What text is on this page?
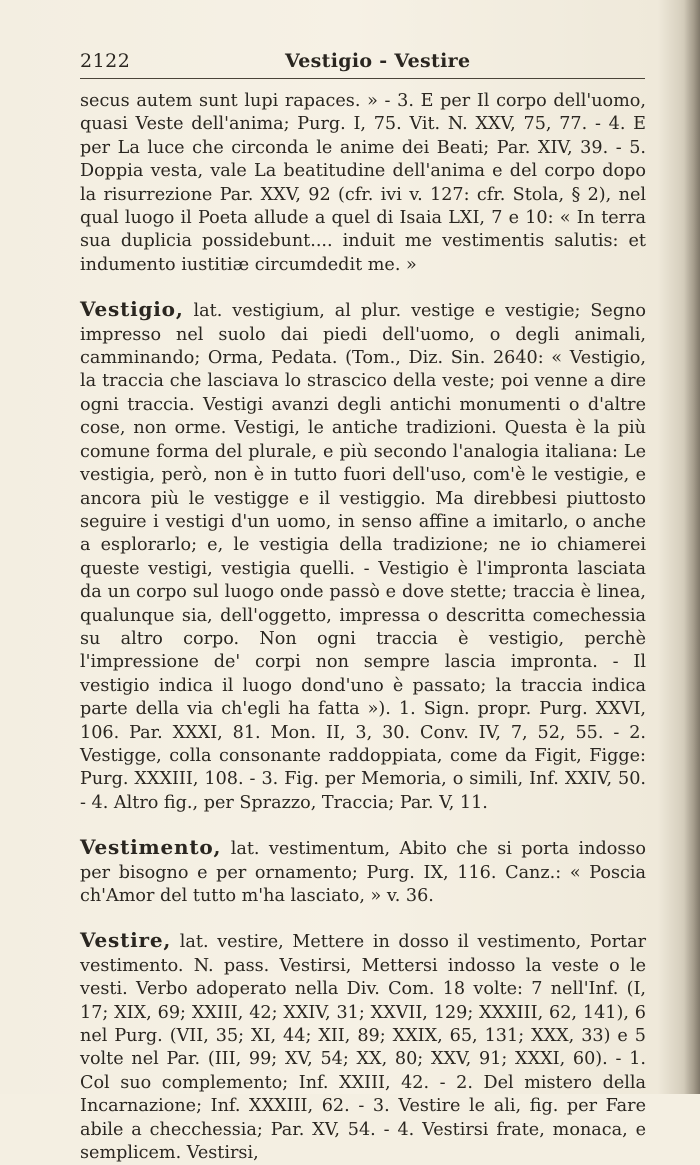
2122	Vestigio - Vestire

secus autem sunt lupi rapaces. » - 3. E per Il corpo dell'uomo, quasi Veste dell'anima; Purg. I, 75. Vit. N. XXV, 75, 77. - 4. E per La luce che circonda le anime dei Beati; Par. XIV, 39. - 5. Doppia vesta, vale La beatitudine dell'anima e del corpo dopo la risurrezione Par. XXV, 92 (cfr. ivi v. 127: cfr. Stola, § 2), nel qual luogo il Poeta allude a quel di Isaia LXI, 7 e 10: « In terra sua duplicia possidebunt.... induit me vestimentis salutis: et indumento iustitiæ circumdedit me. »

Vestigio, lat. vestigium, al plur. vestige e vestigie; Segno impresso nel suolo dai piedi dell'uomo, o degli animali, camminando; Orma, Pedata. (Tom., Diz. Sin. 2640: « Vestigio, la traccia che lasciava lo strascico della veste; poi venne a dire ogni traccia. Vestigi avanzi degli antichi monumenti o d'altre cose, non orme. Vestigi, le antiche tradizioni. Questa è la più comune forma del plurale, e più secondo l'analogia italiana: Le vestigia, però, non è in tutto fuori dell'uso, com'è le vestigie, e ancora più le vestigge e il vestiggio. Ma direbbesi piuttosto seguire i vestigi d'un uomo, in senso affine a imitarlo, o anche a esplorarlo; e, le vestigia della tradizione; ne io chiamerei queste vestigi, vestigia quelli. - Vestigio è l'impronta lasciata da un corpo sul luogo onde passò e dove stette; traccia è linea, qualunque sia, dell'oggetto, impressa o descritta comechessia su altro corpo. Non ogni traccia è vestigio, perchè l'impressione de' corpi non sempre lascia impronta. - Il vestigio indica il luogo dond'uno è passato; la traccia indica parte della via ch'egli ha fatta »). 1. Sign. propr. Purg. XXVI, 106. Par. XXXI, 81. Mon. II, 3, 30. Conv. IV, 7, 52, 55. - 2. Vestigge, colla consonante raddoppiata, come da Figit, Figge: Purg. XXXIII, 108. - 3. Fig. per Memoria, o simili, Inf. XXIV, 50. - 4. Altro fig., per Sprazzo, Traccia; Par. V, 11.

Vestimento, lat. vestimentum, Abito che si porta indosso per bisogno e per ornamento; Purg. IX, 116. Canz.: « Poscia ch'Amor del tutto m'ha lasciato, » v. 36.

Vestire, lat. vestire, Mettere in dosso il vestimento, Portar vestimento. N. pass. Vestirsi, Mettersi indosso la veste o le vesti. Verbo adoperato nella Div. Com. 18 volte: 7 nell'Inf. (I, 17; XIX, 69; XXIII, 42; XXIV, 31; XXVII, 129; XXXIII, 62, 141), 6 nel Purg. (VII, 35; XI, 44; XII, 89; XXIX, 65, 131; XXX, 33) e 5 volte nel Par. (III, 99; XV, 54; XX, 80; XXV, 91; XXXI, 60). - 1. Col suo complemento; Inf. XXIII, 42. - 2. Del mistero della Incarnazione; Inf. XXXIII, 62. - 3. Vestire le ali, fig. per Fare abile a checchessia; Par. XV, 54. - 4. Vestirsi frate, monaca, e semplicem. Vestirsi,
